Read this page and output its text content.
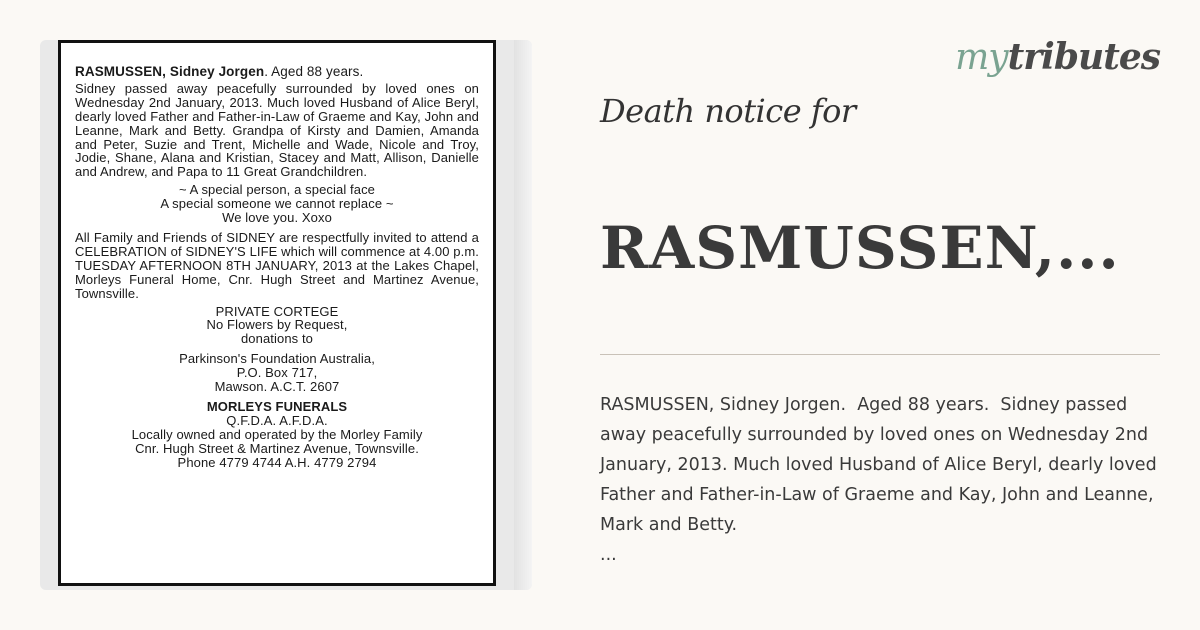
RASMUSSEN, Sidney Jorgen. Aged 88 years.

Sidney passed away peacefully surrounded by loved ones on Wednesday 2nd January, 2013. Much loved Husband of Alice Beryl, dearly loved Father and Father-in-Law of Graeme and Kay, John and Leanne, Mark and Betty. Grandpa of Kirsty and Damien, Amanda and Peter, Suzie and Trent, Michelle and Wade, Nicole and Troy, Jodie, Shane, Alana and Kristian, Stacey and Matt, Allison, Danielle and Andrew, and Papa to 11 Great Grandchildren.

~ A special person, a special face
A special someone we cannot replace ~
We love you. Xoxo

All Family and Friends of SIDNEY are respectfully invited to attend a CELEBRATION of SIDNEY'S LIFE which will commence at 4.00 p.m. TUESDAY AFTERNOON 8TH JANUARY, 2013 at the Lakes Chapel, Morleys Funeral Home, Cnr. Hugh Street and Martinez Avenue, Townsville.

PRIVATE CORTEGE
No Flowers by Request,
donations to
Parkinson's Foundation Australia,
P.O. Box 717,
Mawson. A.C.T. 2607
MORLEYS FUNERALS
Q.F.D.A. A.F.D.A.
Locally owned and operated by the Morley Family
Cnr. Hugh Street & Martinez Avenue, Townsville.
Phone 4779 4744 A.H. 4779 2794
mytributes
Death notice for
RASMUSSEN,...
RASMUSSEN, Sidney Jorgen.  Aged 88 years.  Sidney passed away peacefully surrounded by loved ones on Wednesday 2nd January, 2013. Much loved Husband of Alice Beryl, dearly loved Father and Father-in-Law of Graeme and Kay, John and Leanne, Mark and Betty.
...
